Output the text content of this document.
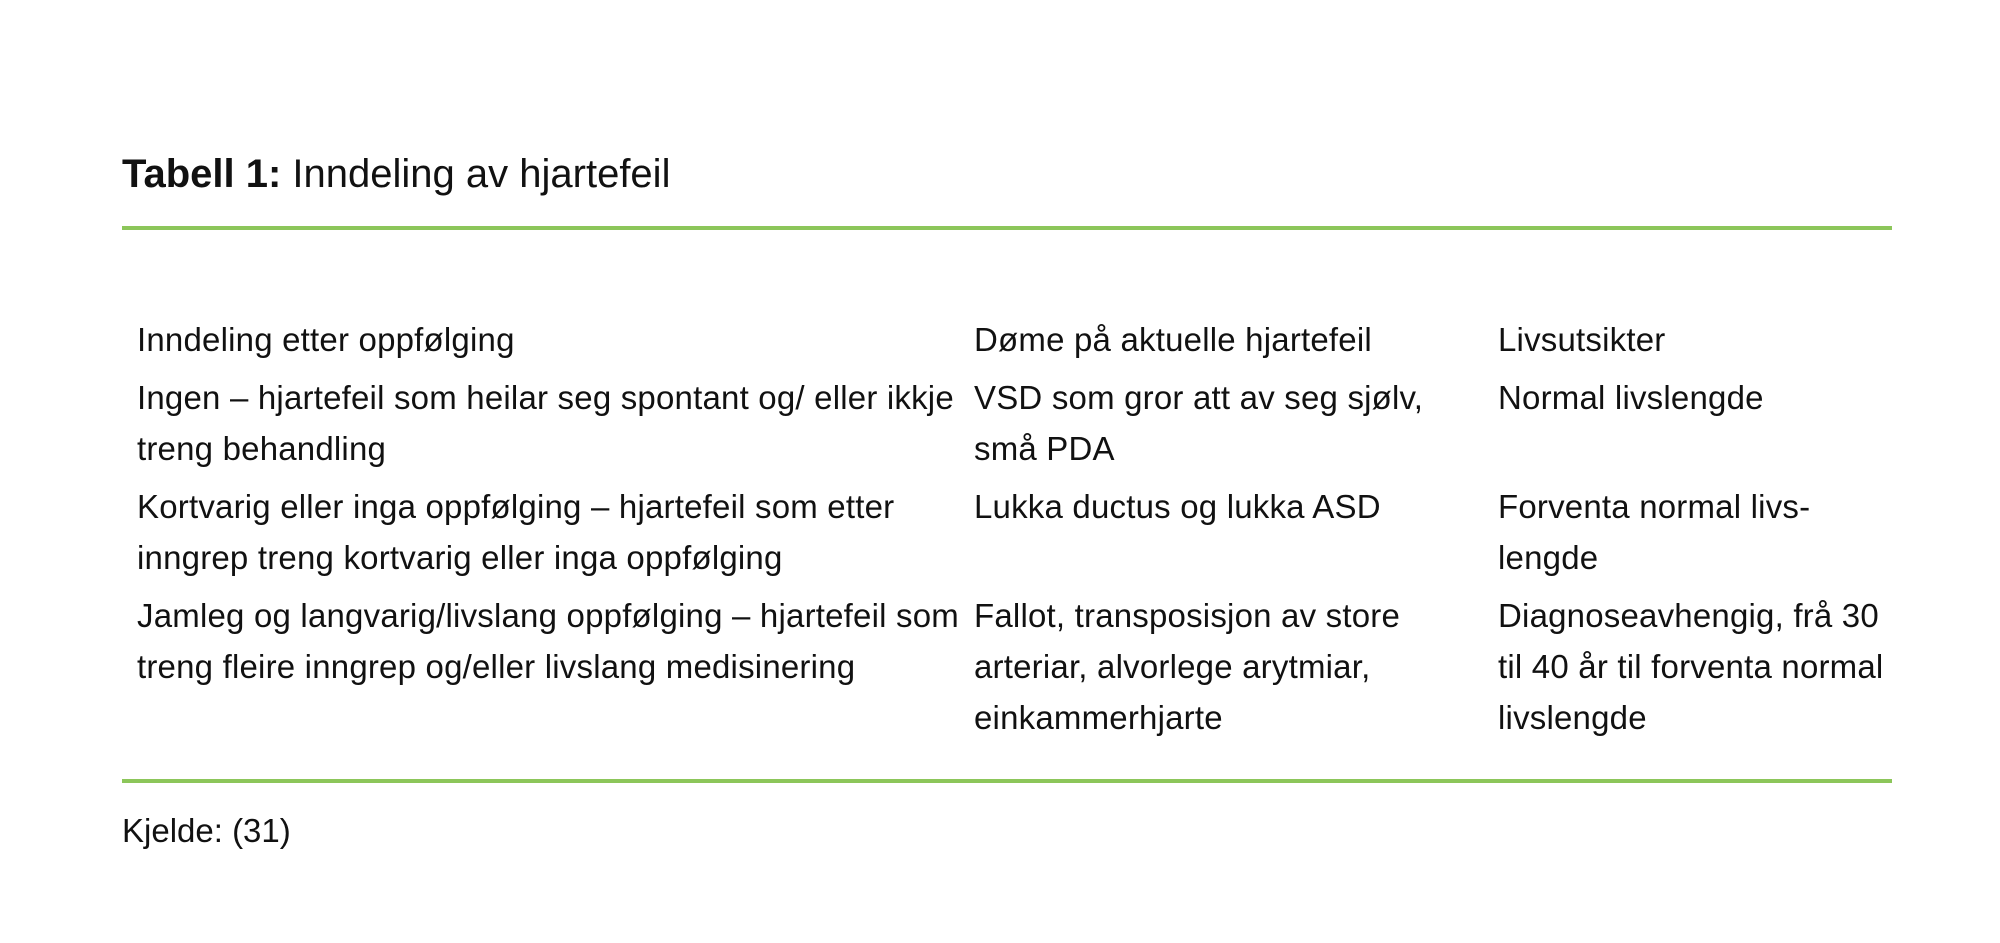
Tabell 1: Inndeling av hjartefeil
Inndeling etter oppfølging	Døme på aktuelle hjartefeil	Livsutsikter
Ingen – hjartefeil som heilar seg spontant og/ eller ikkje treng behandling	VSD som gror att av seg sjølv, små PDA	Normal livslengde
Kortvarig eller inga oppfølging – hjartefeil som etter inngrep treng kortvarig eller inga oppfølging	Lukka ductus og lukka ASD	Forventa normal livs- lengde
Jamleg og langvarig/livslang oppfølging – hjartefeil som treng fleire inngrep og/eller livslang medisinering	Fallot, transposisjon av store arteriar, alvorlege arytmiar, einkammerhjarte	Diagnoseavhengig, frå 30 til 40 år til forventa normal livslengde
Kjelde: (31)
